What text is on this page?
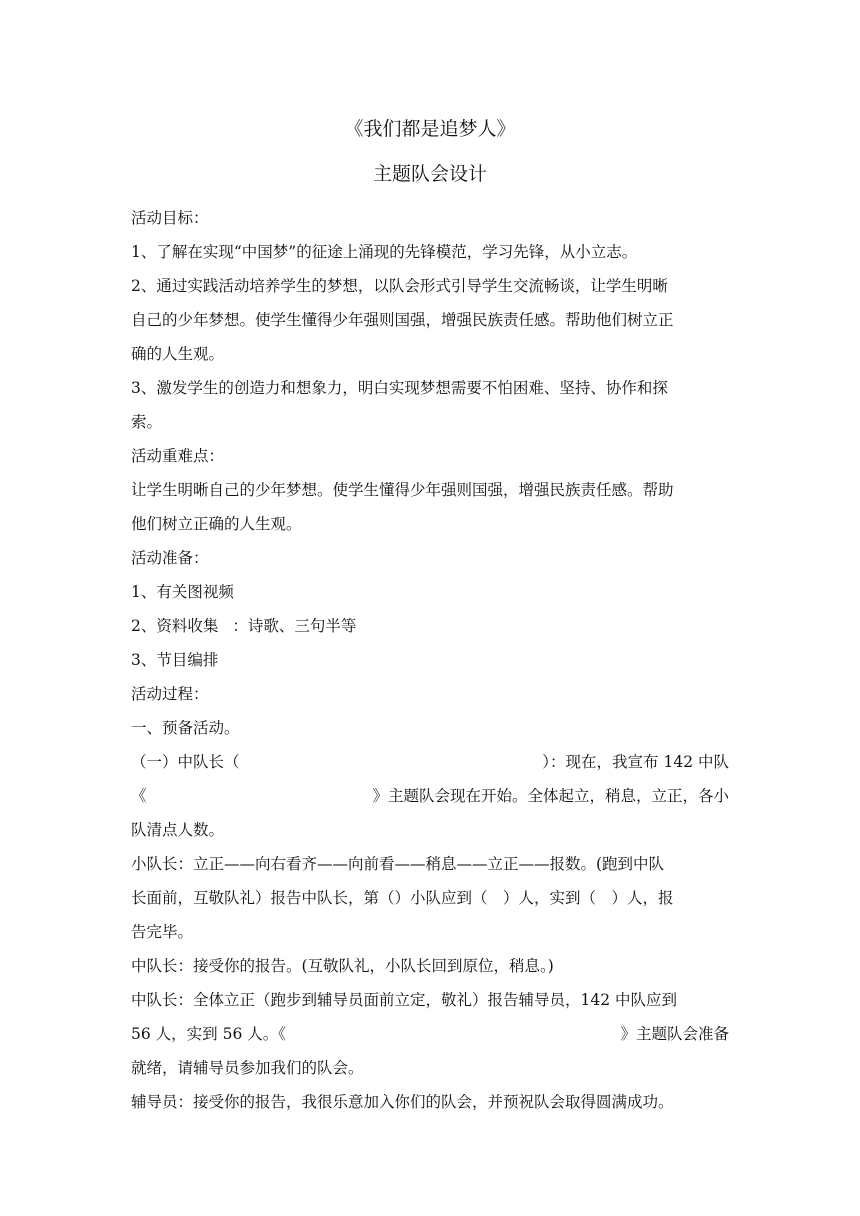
《我们都是追梦人》
主题队会设计

活动目标：

1、了解在实现“中国梦”的征途上涌现的先锋模范，学习先锋，从小立志。

2、通过实践活动培养学生的梦想，以队会形式引导学生交流畅谈，让学生明晰

自己的少年梦想。使学生懂得少年强则国强，增强民族责任感。帮助他们树立正

确的人生观。

3、激发学生的创造力和想象力，明白实现梦想需要不怕困难、坚持、协作和探

索。

活动重难点：

让学生明晰自己的少年梦想。使学生懂得少年强则国强，增强民族责任感。帮助

他们树立正确的人生观。

活动准备：

1、有关图视频

2、资料收集 ：诗歌、三句半等

3、节目编排

活动过程：

一、预备活动。

（一）中队长（	）：现在，我宣布 142 中队

《	》主题队会现在开始。全体起立，稍息，立正，各小

队清点人数。

小队长：立正——向右看齐——向前看——稍息——立正——报数。(跑到中队

长面前，互敬队礼）报告中队长，第（）小队应到（　）人，实到（　）人，报

告完毕。

中队长：接受你的报告。(互敬队礼，小队长回到原位，稍息。)

中队长：全体立正（跑步到辅导员面前立定，敬礼）报告辅导员，142 中队应到

56 人，实到 56 人。《	》主题队会准备

就绪，请辅导员参加我们的队会。

辅导员：接受你的报告，我很乐意加入你们的队会，并预祝队会取得圆满成功。
